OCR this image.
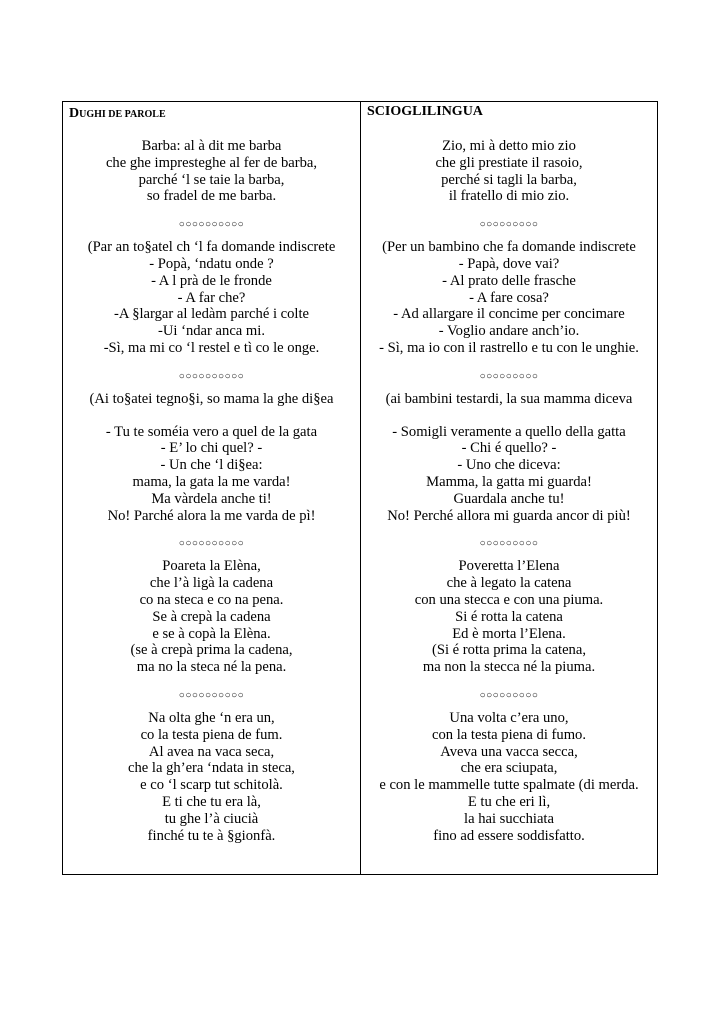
DUGHI DE PAROLE
Barba: al à dit me barba
che ghe impresteghe al fer de barba,
parché ‘l se taie la barba,
so fradel de me barba.
○○○○○○○○○○
(Par an to§atel ch ‘l fa domande indiscrete
- Popà, ‘ndatu onde ?
- A l prà de le fronde
- A far che?
-A §largar al ledàm parché i colte
-Ui ‘ndar anca mi.
-Sì, ma mi co ‘l restel e tì co le onge.
○○○○○○○○○○
(Ai to§atei tegno§i, so mama la ghe di§ea
- Tu te soméia vero a quel de la gata
- E’ lo chi quel? -
- Un che ‘l di§ea:
mama, la gata la me varda!
Ma vàrdela anche ti!
No! Parché alora la me varda de pì!
○○○○○○○○○○
Poareta la Elèna,
che l’à ligà la cadena
co na steca e co na pena.
Se à crepà la cadena
e se à copà la Elèna.
(se à crepà prima la cadena,
ma no la steca né la pena.
○○○○○○○○○○
Na olta ghe ‘n era un,
co la testa piena de fum.
Al avea na vaca seca,
che la gh’era ‘ndata in steca,
e co ‘l scarp tut schitolà.
E ti che tu era là,
tu ghe l’à ciucià
finché tu te à §gionfà.
SCIOGLILINGUA
Zio, mi à detto mio zio
che gli prestiate il rasoio,
perché si tagli la barba,
il fratello di mio zio.
○○○○○○○○○
(Per un bambino che fa domande indiscrete
- Papà, dove vai?
- Al prato delle frasche
- A fare cosa?
- Ad allargare il concime per concimare
- Voglio andare anch’io.
- Sì, ma io con il rastrello e tu con le unghie.
○○○○○○○○○
(ai bambini testardi, la sua mamma diceva
- Somigli veramente a quello della gatta
- Chi é quello? -
- Uno che diceva:
Mamma, la gatta mi guarda!
Guardala anche tu!
No! Perché allora mi guarda ancor di più!
○○○○○○○○○
Poveretta l’Elena
che à legato la catena
con una stecca e con una piuma.
Si é rotta la catena
Ed è morta l’Elena.
(Si é rotta prima la catena,
ma non la stecca né la piuma.
○○○○○○○○○
Una volta c’era uno,
con la testa piena di fumo.
Aveva una vacca secca,
che era sciupata,
e con le mammelle tutte spalmate (di merda.
E tu che eri lì,
la hai succhiata
fino ad essere soddisfatto.
